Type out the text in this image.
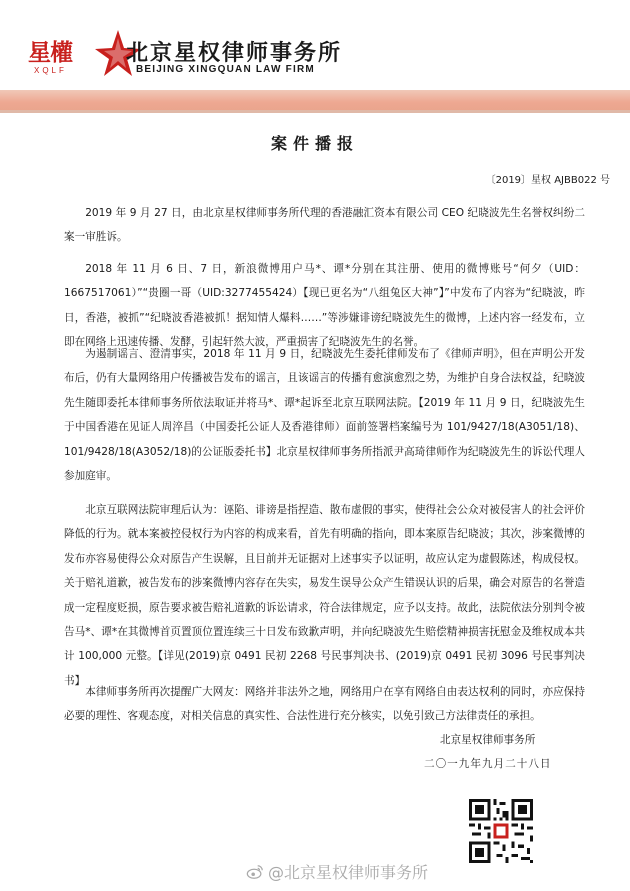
星權
XQLF
北京星权律师事务所
BEIJING XINGQUAN LAW FIRM
案件播报
〔2019〕星权 AJBB022 号

2019 年 9 月 27 日，由北京星权律师事务所代理的香港融汇资本有限公司 CEO 纪晓波先生名誉权纠纷二案一审胜诉。

2018 年 11 月 6 日、7 日，新浪微博用户马*、谭*分别在其注册、使用的微博账号“何夕（UID：1667517061）”“贵圈一哥（UID:3277455424）【现已更名为“八组兔区大神”】”中发布了内容为“纪晓波，昨日，香港，被抓”“纪晓波香港被抓！据知情人爆料……”等涉嫌诽谤纪晓波先生的微博，上述内容一经发布，立即在网络上迅速传播、发酵，引起轩然大波，严重损害了纪晓波先生的名誉。

为遏制谣言、澄清事实，2018 年 11 月 9 日，纪晓波先生委托律师发布了《律师声明》，但在声明公开发布后，仍有大量网络用户传播被告发布的谣言，且该谣言的传播有愈演愈烈之势，为维护自身合法权益，纪晓波先生随即委托本律师事务所依法取证并将马*、谭*起诉至北京互联网法院。【2019 年 11 月 9 日，纪晓波先生于中国香港在见证人周淬昌（中国委托公证人及香港律师）面前签署档案编号为 101/9427/18(A3051/18)、101/9428/18(A3052/18)的公证版委托书】北京星权律师事务所指派尹高琦律师作为纪晓波先生的诉讼代理人参加庭审。

北京互联网法院审理后认为：诬陷、诽谤是指捏造、散布虚假的事实，使得社会公众对被侵害人的社会评价降低的行为。就本案被控侵权行为内容的构成来看，首先有明确的指向，即本案原告纪晓波；其次，涉案微博的发布亦容易使得公众对原告产生误解，且目前并无证据对上述事实予以证明，故应认定为虚假陈述，构成侵权。关于赔礼道歉，被告发布的涉案微博内容存在失实，易发生误导公众产生错误认识的后果，确会对原告的名誉造成一定程度贬损，原告要求被告赔礼道歉的诉讼请求，符合法律规定，应予以支持。故此，法院依法分别判令被告马*、谭*在其微博首页置顶位置连续三十日发布致歉声明，并向纪晓波先生赔偿精神损害抚慰金及维权成本共计 100,000 元整。【详见(2019)京 0491 民初 2268 号民事判决书、(2019)京 0491 民初 3096 号民事判决书】

本律师事务所再次提醒广大网友：网络并非法外之地，网络用户在享有网络自由表达权利的同时，亦应保持必要的理性、客观态度，对相关信息的真实性、合法性进行充分核实，以免引致己方法律责任的承担。

北京星权律师事务所
二〇一九年九月二十八日
@北京星权律师事务所
